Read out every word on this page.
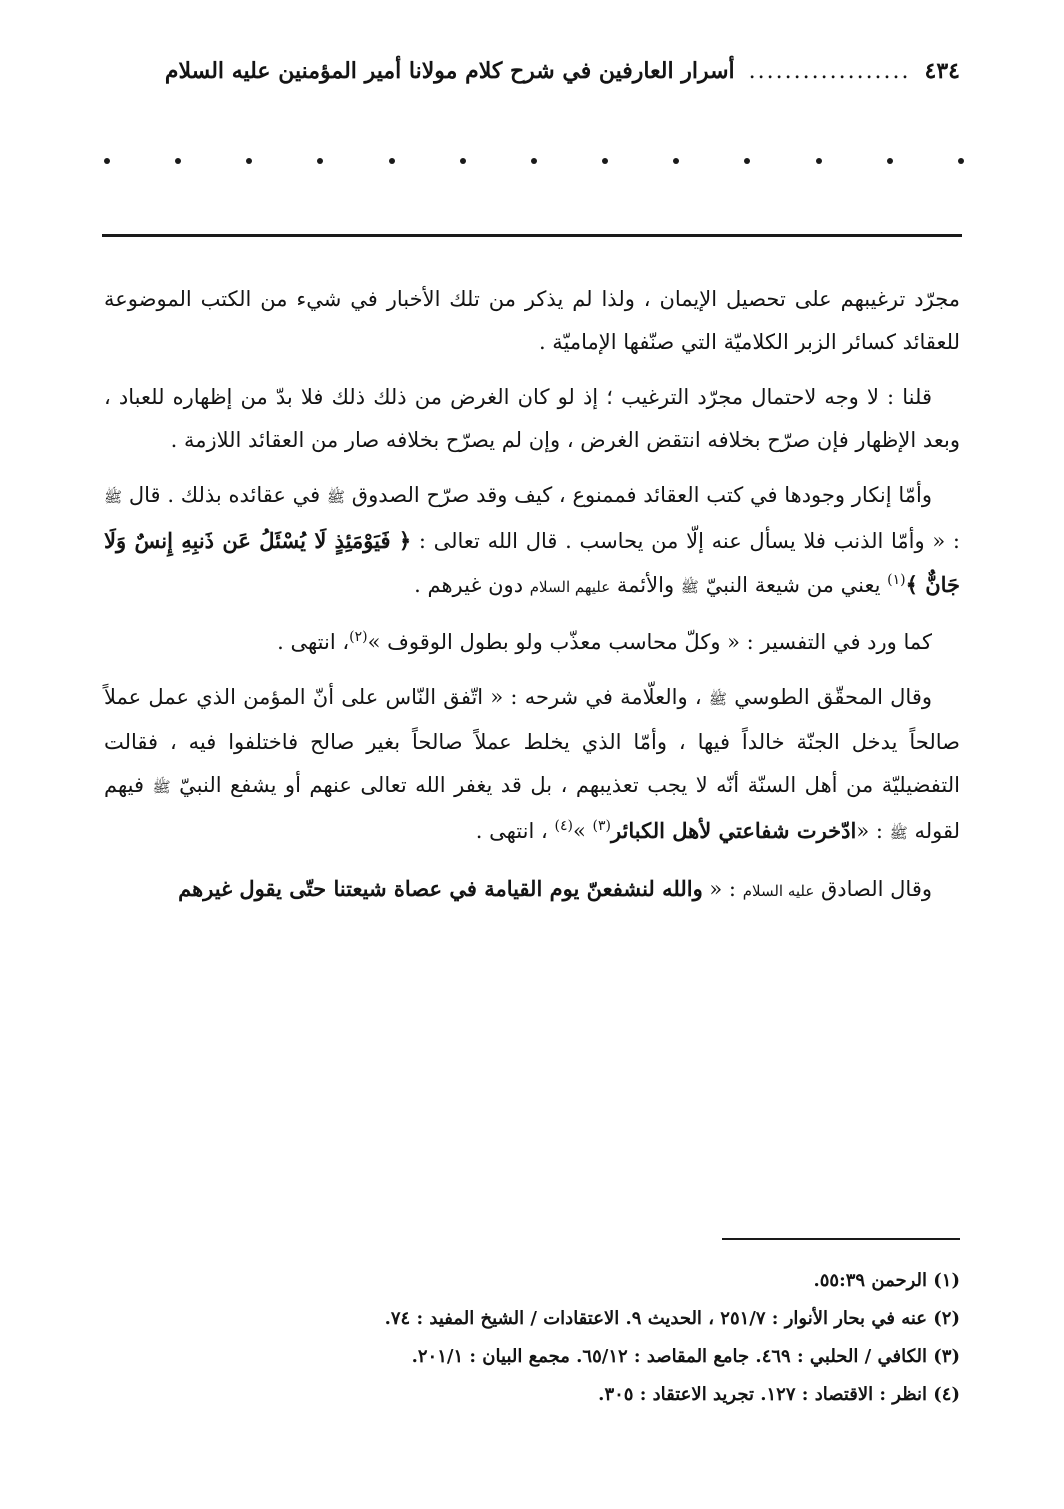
٤٣٤
..................
أسرار العارفين في شرح كلام مولانا أمير المؤمنين عليه السلام

مجرّد ترغيبهم على تحصيل الإيمان ، ولذا لم يذكر من تلك الأخبار في شيء من الكتب الموضوعة للعقائد كسائر الزبر الكلاميّة التي صنّفها الإماميّة .

قلنا : لا وجه لاحتمال مجرّد الترغيب ؛ إذ لو كان الغرض من ذلك ذلك فلا بدّ من إظهاره للعباد ، وبعد الإظهار فإن صرّح بخلافه انتقض الغرض ، وإن لم يصرّح بخلافه صار من العقائد اللازمة .

وأمّا إنكار وجودها في كتب العقائد فممنوع ، كيف وقد صرّح الصدوق ﷺ في عقائده بذلك . قال ﷺ : « وأمّا الذنب فلا يسأل عنه إلّا من يحاسب . قال الله تعالى : ﴿ فَيَوْمَئِذٍ لَا يُسْئَلُ عَن ذَنبِهِ إِنسٌ وَلَا جَانٌّ ﴾$^{(١)}$ يعني من شيعة النبيّ ﷺ والأئمة عليهم السلام دون غيرهم .

كما ورد في التفسير : « وكلّ محاسب معذّب ولو بطول الوقوف »$^{(٢)}$، انتهى .

وقال المحقّق الطوسي ﷺ ، والعلّامة في شرحه : « اتّفق النّاس على أنّ المؤمن الذي عمل عملاً صالحاً يدخل الجنّة خالداً فيها ، وأمّا الذي يخلط عملاً صالحاً بغير صالح فاختلفوا فيه ، فقالت التفضيليّة من أهل السنّة أنّه لا يجب تعذيبهم ، بل قد يغفر الله تعالى عنهم أو يشفع النبيّ ﷺ فيهم لقوله ﷺ : «ادّخرت شفاعتي لأهل الكبائر$^{(٣)}$ »$^{(٤)}$ ، انتهى .

وقال الصادق عليه السلام : « والله لنشفعنّ يوم القيامة في عصاة شيعتنا حتّى يقول غيرهم

(١) الرحمن ٥٥:٣٩.
(٢) عنه في بحار الأنوار : ٢٥١/٧ ، الحديث ٩. الاعتقادات / الشيخ المفيد : ٧٤.
(٣) الكافي / الحلبي : ٤٦٩. جامع المقاصد : ٦٥/١٢. مجمع البيان : ٢٠١/١.
(٤) انظر : الاقتصاد : ١٢٧. تجريد الاعتقاد : ٣٠٥.
